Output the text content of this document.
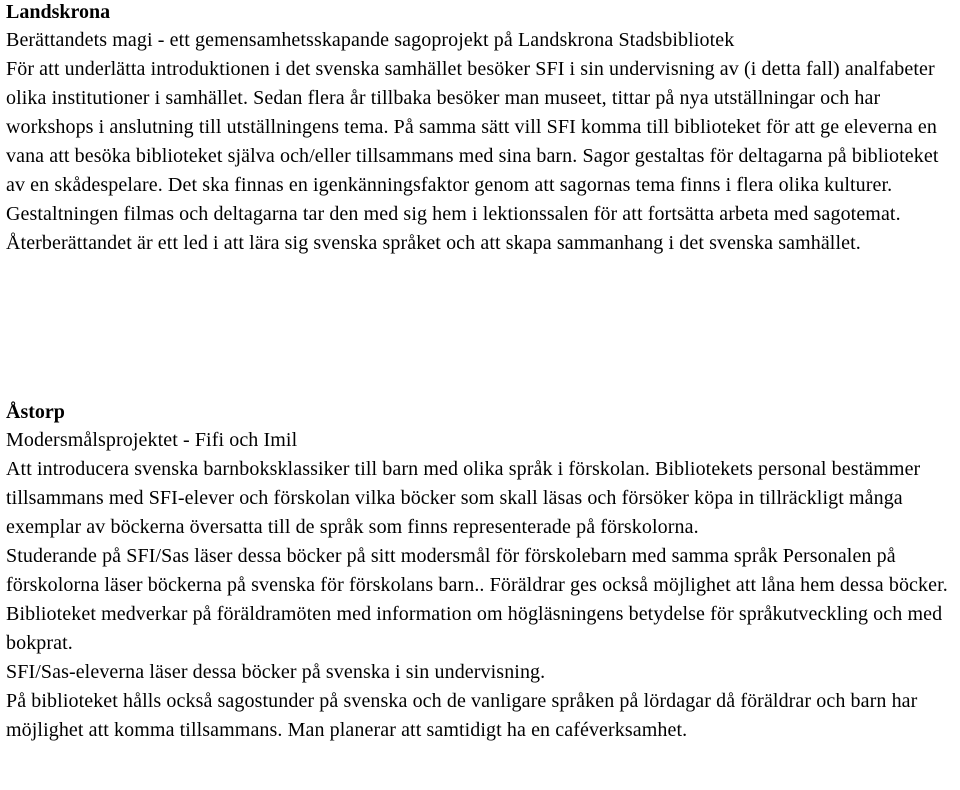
Landskrona
Berättandets magi - ett gemensamhetsskapande sagoprojekt på Landskrona Stadsbibliotek
För att underlätta introduktionen i det svenska samhället besöker SFI i sin undervisning av (i detta fall) analfabeter olika institutioner i samhället. Sedan flera år tillbaka besöker man museet, tittar på nya utställningar och har workshops i anslutning till utställningens tema. På samma sätt vill SFI komma till biblioteket för att ge eleverna en vana att besöka biblioteket själva och/eller tillsammans med sina barn. Sagor gestaltas för deltagarna på biblioteket av en skådespelare. Det ska finnas en igenkänningsfaktor genom att sagornas tema finns i flera olika kulturer. Gestaltningen filmas och deltagarna tar den med sig hem i lektionssalen för att fortsätta arbeta med sagotemat. Återberättandet är ett led i att lära sig svenska språket och att skapa sammanhang i det svenska samhället.
Åstorp
Modersmålsprojektet - Fifi och Imil
Att introducera svenska barnboksklassiker till barn med olika språk i förskolan. Bibliotekets personal bestämmer tillsammans med SFI-elever och förskolan vilka böcker som skall läsas och försöker köpa in tillräckligt många exemplar av böckerna översatta till de språk som finns representerade på förskolorna.
Studerande på SFI/Sas läser dessa böcker på sitt modersmål för förskolebarn med samma språk Personalen på förskolorna läser böckerna på svenska för förskolans barn.. Föräldrar ges också möjlighet att låna hem dessa böcker. Biblioteket medverkar på föräldramöten med information om högläsningens betydelse för språkutveckling och med bokprat.
SFI/Sas-eleverna läser dessa böcker på svenska i sin undervisning.
På biblioteket hålls också sagostunder på svenska och de vanligare språken på lördagar då föräldrar och barn har möjlighet att komma tillsammans. Man planerar att samtidigt ha en caféverksamhet.
